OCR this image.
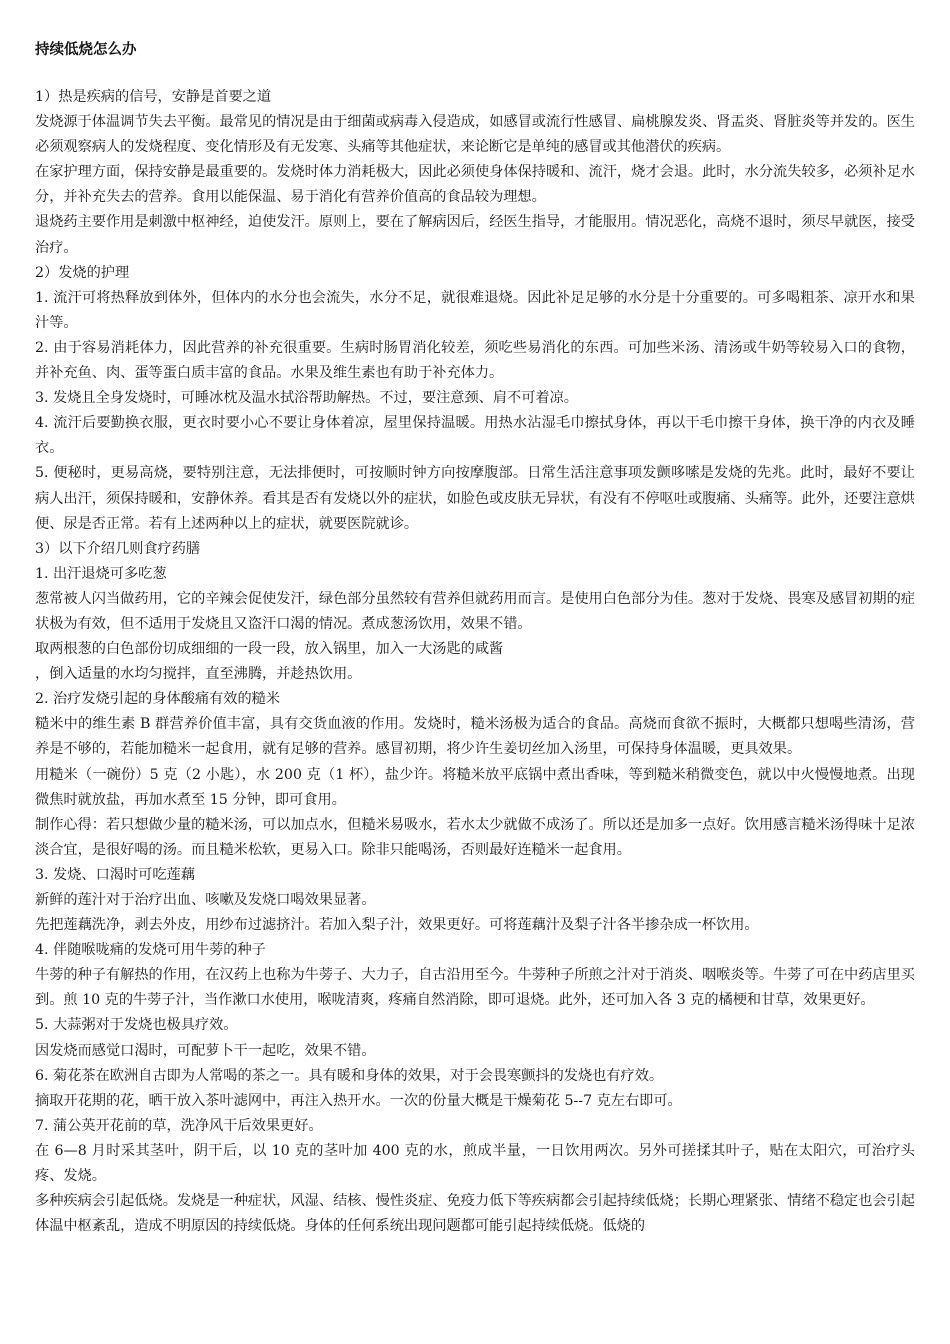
持续低烧怎么办

1）热是疾病的信号，安静是首要之道

发烧源于体温调节失去平衡。最常见的情况是由于细菌或病毒入侵造成，如感冒或流行性感冒、扁桃腺发炎、肾盂炎、肾脏炎等并发的。医生必须观察病人的发烧程度、变化情形及有无发寒、头痛等其他症状，来论断它是单纯的感冒或其他潜伏的疾病。

在家护理方面，保持安静是最重要的。发烧时体力消耗极大，因此必须使身体保持暖和、流汗，烧才会退。此时，水分流失较多，必须补足水分，并补充失去的营养。食用以能保温、易于消化有营养价值高的食品较为理想。

退烧药主要作用是刺激中枢神经，迫使发汗。原则上，要在了解病因后，经医生指导，才能服用。情况恶化，高烧不退时，须尽早就医，接受治疗。

2）发烧的护理

1. 流汗可将热释放到体外，但体内的水分也会流失，水分不足，就很难退烧。因此补足足够的水分是十分重要的。可多喝粗茶、凉开水和果汁等。

2. 由于容易消耗体力，因此营养的补充很重要。生病时肠胃消化较差，须吃些易消化的东西。可加些米汤、清汤或牛奶等较易入口的食物，并补充鱼、肉、蛋等蛋白质丰富的食品。水果及维生素也有助于补充体力。

3. 发烧且全身发烧时，可睡冰枕及温水拭浴帮助解热。不过，要注意颈、肩不可着凉。

4. 流汗后要勤换衣服，更衣时要小心不要让身体着凉，屋里保持温暖。用热水沾湿毛巾擦拭身体，再以干毛巾擦干身体，换干净的内衣及睡衣。

5. 便秘时，更易高烧，要特别注意，无法排便时，可按顺时钟方向按摩腹部。日常生活注意事项发颤哆嗦是发烧的先兆。此时，最好不要让病人出汗，须保持暖和，安静休养。看其是否有发烧以外的症状，如脸色或皮肤无异状，有没有不停呕吐或腹痛、头痛等。此外，还要注意烘便、尿是否正常。若有上述两种以上的症状，就要医院就诊。

3）以下介绍几则食疗药膳

1. 出汗退烧可多吃葱

葱常被人闪当做药用，它的辛辣会促使发汗，绿色部分虽然较有营养但就药用而言。是使用白色部分为佳。葱对于发烧、畏寒及感冒初期的症状极为有效，但不适用于发烧且又盗汗口渴的情况。煮成葱汤饮用，效果不错。

取两根葱的白色部份切成细细的一段一段，放入锅里，加入一大汤匙的咸酱

，倒入适量的水均匀搅拌，直至沸腾，并趁热饮用。

2. 治疗发烧引起的身体酸痛有效的糙米

糙米中的维生素 B 群营养价值丰富，具有交货血液的作用。发烧时，糙米汤极为适合的食品。高烧而食欲不振时，大概都只想喝些清汤，营养是不够的，若能加糙米一起食用，就有足够的营养。感冒初期，将少许生姜切丝加入汤里，可保持身体温暖，更具效果。

用糙米（一碗份）5 克（2 小匙），水 200 克（1 杯），盐少许。将糙米放平底锅中煮出香味，等到糙米稍微变色，就以中火慢慢地煮。出现微焦时就放盐，再加水煮至 15 分钟，即可食用。

制作心得：若只想做少量的糙米汤，可以加点水，但糙米易吸水，若水太少就做不成汤了。所以还是加多一点好。饮用感言糙米汤得味十足浓淡合宜，是很好喝的汤。而且糙米松软，更易入口。除非只能喝汤，否则最好连糙米一起食用。

3. 发烧、口渴时可吃莲藕

新鲜的莲汁对于治疗出血、咳嗽及发烧口喝效果显著。

先把莲藕洗净，剥去外皮，用纱布过滤挤汁。若加入梨子汁，效果更好。可将莲藕汁及梨子汁各半掺杂成一杯饮用。

4. 伴随喉咙痛的发烧可用牛蒡的种子

牛蒡的种子有解热的作用，在汉药上也称为牛蒡子、大力子，自古沿用至今。牛蒡种子所煎之汁对于消炎、咽喉炎等。牛蒡了可在中药店里买到。煎 10 克的牛蒡子汁，当作漱口水使用，喉咙清爽，疼痛自然消除，即可退烧。此外，还可加入各 3 克的橘梗和甘草，效果更好。

5. 大蒜粥对于发烧也极具疗效。

因发烧而感觉口渴时，可配萝卜干一起吃，效果不错。

6. 菊花茶在欧洲自古即为人常喝的茶之一。具有暖和身体的效果，对于会畏寒颤抖的发烧也有疗效。

摘取开花期的花，晒干放入茶叶滤网中，再注入热开水。一次的份量大概是干燥菊花 5--7 克左右即可。

7. 蒲公英开花前的草，洗净风干后效果更好。

在 6—8 月时采其茎叶，阴干后，以 10 克的茎叶加 400 克的水，煎成半量，一日饮用两次。另外可搓揉其叶子，贴在太阳穴，可治疗头疼、发烧。

多种疾病会引起低烧。发烧是一种症状，风湿、结核、慢性炎症、免疫力低下等疾病都会引起持续低烧；长期心理紧张、情绪不稳定也会引起体温中枢紊乱，造成不明原因的持续低烧。身体的任何系统出现问题都可能引起持续低烧。低烧的
